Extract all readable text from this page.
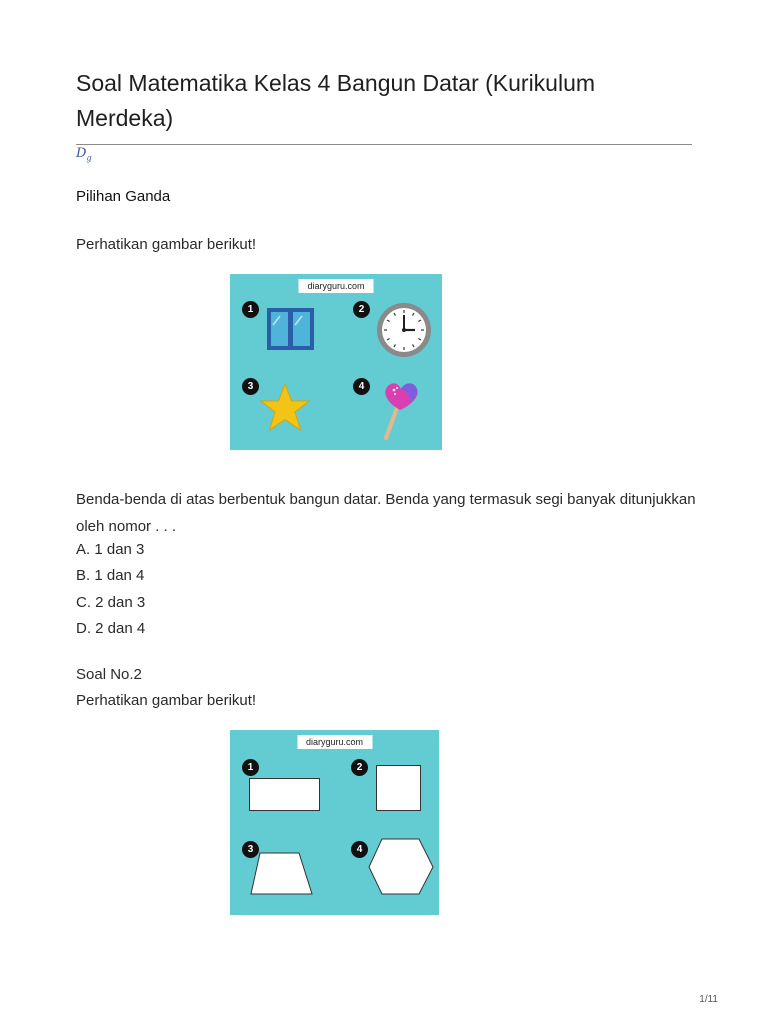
Soal Matematika Kelas 4 Bangun Datar (Kurikulum Merdeka)
$D_g$

Pilihan Ganda

Perhatikan gambar berikut!

diaryguru.com
1	2
3	4

Benda-benda di atas berbentuk bangun datar. Benda yang termasuk segi banyak ditunjukkan oleh nomor . . .

A. 1 dan 3
B. 1 dan 4
C. 2 dan 3
D. 2 dan 4

Soal No.2

Perhatikan gambar berikut!

diaryguru.com
1	2
3	4
1/11
